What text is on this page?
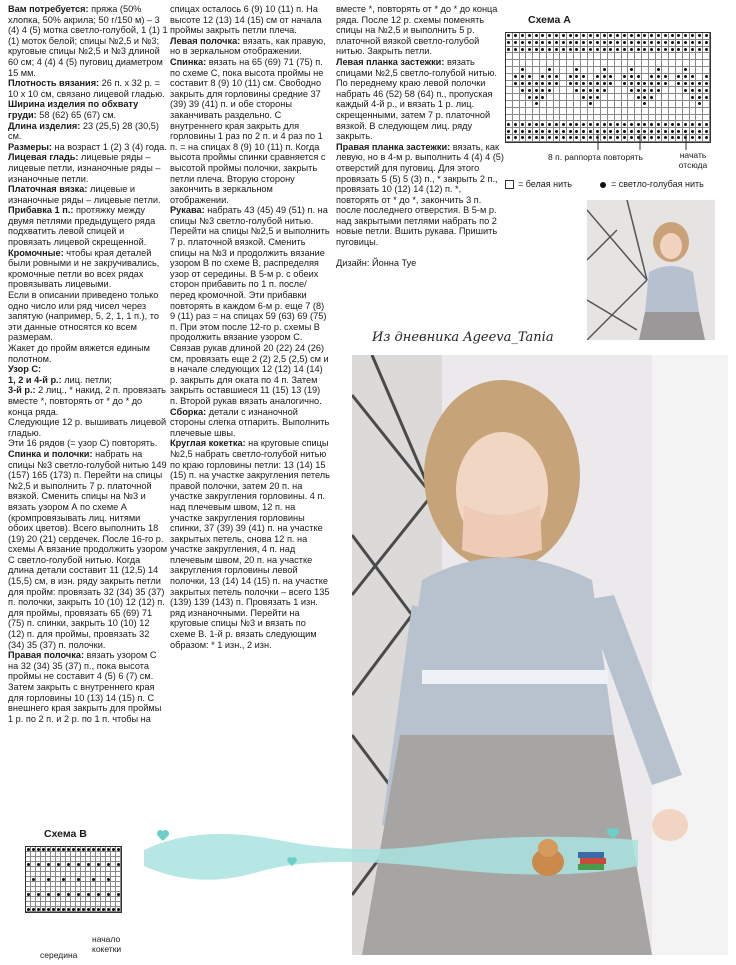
Вам потребуется: пряжа (50% хлопка, 50% акрила; 50 г/150 м) – 3 (4) 4 (5) мотка светло-голубой, 1 (1) 1 (1) моток белой; спицы №2,5 и №3; круговые спицы №2,5 и №3 длиной 60 см; 4 (4) 4 (5) пуговиц диаметром 15 мм.

Плотность вязания: 26 п. х 32 р. = 10 х 10 см, связано лицевой гладью.

Ширина изделия по обхвату груди: 58 (62) 65 (67) см.

Длина изделия: 23 (25,5) 28 (30,5) см.

Размеры: на возраст 1 (2) 3 (4) года.

Лицевая гладь: лицевые ряды – лицевые петли, изнаночные ряды – изнаночные петли.

Платочная вязка: лицевые и изнаночные ряды – лицевые петли.

Прибавка 1 п.: протяжку между двумя петлями предыдущего ряда подхватить левой спицей и провязать лицевой скрещенной.

Кромочные: чтобы края деталей были ровными и не закручивались, кромочные петли во всех рядах провязывать лицевыми.

Если в описании приведено только одно число или ряд чисел через запятую (например, 5, 2, 1, 1 п.), то эти данные относятся ко всем размерам.

Жакет до пройм вяжется единым полотном.

Узор С:

1, 2 и 4-й р.: лиц. петли;

3-й р.: 2 лиц., * накид, 2 п. провязать вместе *, повторять от * до * до конца ряда.

Следующие 12 р. вышивать лицевой гладью.

Эти 16 рядов (= узор С) повторять.

Спинка и полочки: набрать на спицы №3 светло-голубой нитью 149 (157) 165 (173) п. Перейти на спицы №2,5 и выполнить 7 р. платочной вязкой. Сменить спицы на №3 и вязать узором А по схеме А (кромпровязывать лиц. нитями обоих цветов). Всего выполнить 18 (19) 20 (21) сердечек. После 16-го р. схемы А вязание продолжить узором С светло-голубой нитью. Когда длина детали составит 11 (12,5) 14 (15,5) см, в изн. ряду закрыть петли для пройм: провязать 32 (34) 35 (37) п. полочки, закрыть 10 (10) 12 (12) п. для проймы, провязать 65 (69) 71 (75) п. спинки, закрыть 10 (10) 12 (12) п. для проймы, провязать 32 (34) 35 (37) п. полочки.

Правая полочка: вязать узором С на 32 (34) 35 (37) п., пока высота проймы не составит 4 (5) 6 (7) см. Затем закрыть с внутреннего края для горловины 10 (13) 14 (15) п. С внешнего края закрыть для проймы 1 р. по 2 п. и 2 р. по 1 п. чтобы на

спицах осталось 6 (9) 10 (11) п. На высоте 12 (13) 14 (15) см от начала проймы закрыть петли плеча.

Левая полочка: вязать, как правую, но в зеркальном отображении.

Спинка: вязать на 65 (69) 71 (75) п. по схеме С, пока высота проймы не составит 8 (9) 10 (11) см. Свободно закрыть для горловины средние 37 (39) 39 (41) п. и обе стороны заканчивать раздельно. С внутреннего края закрыть для горловины 1 раз по 2 п. и 4 раз по 1 п. = на спицах 8 (9) 10 (11) п. Когда высота проймы спинки сравняется с высотой проймы полочки, закрыть петли плеча. Вторую сторону закончить в зеркальном отображении.

Рукава: набрать 43 (45) 49 (51) п. на спицы №3 светло-голубой нитью. Перейти на спицы №2,5 и выполнить 7 р. платочной вязкой. Сменить спицы на №3 и продолжить вязание узором В по схеме В, распределяя узор от середины. В 5-м р. с обеих сторон прибавить по 1 п. после/перед кромочной. Эти прибавки повторять в каждом 6-м р. еще 7 (8) 9 (11) раз = на спицах 59 (63) 69 (75) п. При этом после 12-го р. схемы В продолжить вязание узором С. Связав рукав длиной 20 (22) 24 (26) см, провязать еще 2 (2) 2,5 (2,5) см и в начале следующих 12 (12) 14 (14) р. закрыть для оката по 4 п. Затем закрыть оставшиеся 11 (15) 13 (19) п. Второй рукав вязать аналогично.

Сборка: детали с изнаночной стороны слегка отпарить. Выполнить плечевые швы.

Круглая кокетка: на круговые спицы №2,5 набрать светло-голубой нитью по краю горловины петли: 13 (14) 15 (15) п. на участке закругления петель правой полочки, затем 20 п. на участке закругления горловины. 4 п. над плечевым швом, 12 п. на участке закругления горловины спинки, 37 (39) 39 (41) п. на участке закрытых петель, снова 12 п. на участке закругления, 4 п. над плечевым швом, 20 п. на участке закругления горловины левой полочки, 13 (14) 14 (15) п. на участке закрытых петель полочки – всего 135 (139) 139 (143) п. Провязать 1 изн. ряд изнаночными. Перейти на круговые спицы №3 и вязать по схеме В. 1-й р. вязать следующим образом: * 1 изн., 2 изн.

вместе *, повторять от * до * до конца ряда. После 12 р. схемы поменять спицы на №2,5 и выполнить 5 р. платочной вязкой светло-голубой нитью. Закрыть петли.

Левая планка застежки: вязать спицами №2,5 светло-голубой нитью. По переднему краю левой полочки набрать 46 (52) 58 (64) п., пропуская каждый 4-й р., и вязать 1 р. лиц. скрещенными, затем 7 р. платочной вязкой. В следующем лиц. ряду закрыть.

Правая планка застежки: вязать, как левую, но в 4-м р. выполнить 4 (4) 4 (5) отверстий для пуговиц. Для этого провязать 5 (5) 5 (3) п., * закрыть 2 п., провязать 10 (12) 14 (12) п. *, повторять от * до *, закончить 3 п. после последнего отверстия. В 5-м р. над закрытыми петлями набрать по 2 новые петли. Вшить рукава. Пришить пуговицы.

Дизайн: Йонна Туе

Схема А
8 п. раппорта повторять	начать отсюда
= белая нить	= светло-голубая нить
Из дневника Ageeva_Tania
Схема В
середина
начало кокетки
